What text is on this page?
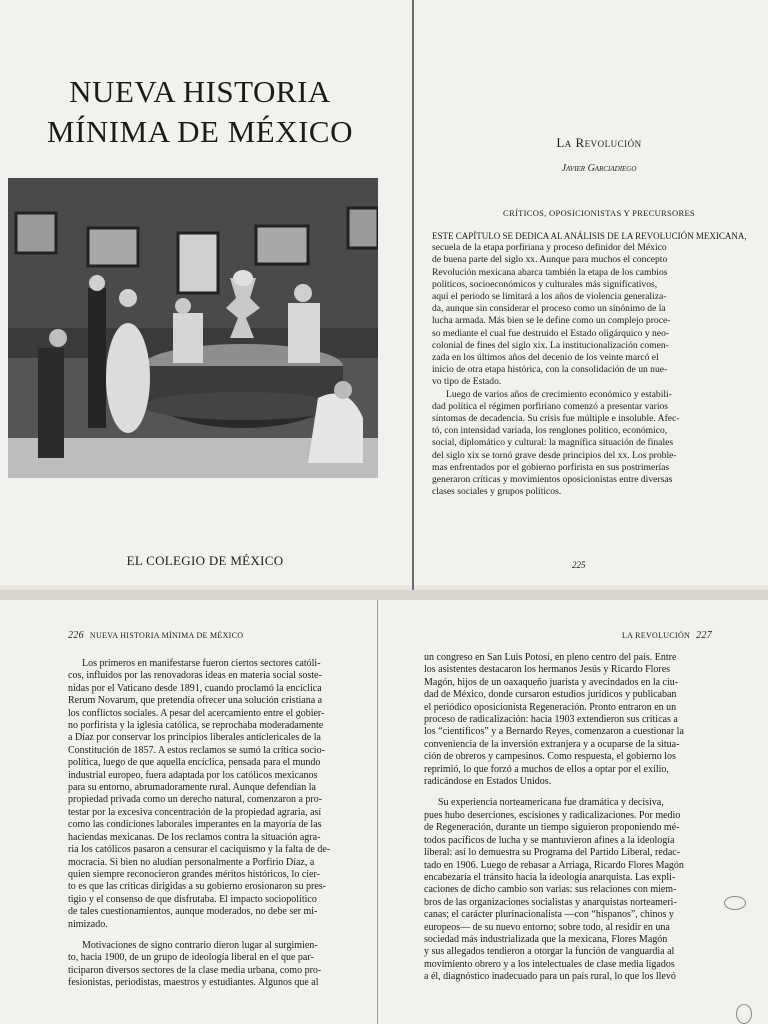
NUEVA HISTORIA
MÍNIMA DE MÉXICO
EL COLEGIO DE MÉXICO
La Revolución
Javier Garciadiego
CRÍTICOS, OPOSICIONISTAS Y PRECURSORES
ESTE CAPÍTULO SE DEDICA AL ANÁLISIS DE LA REVOLUCIÓN MEXICANA,
secuela de la etapa porfiriana y proceso definidor del México
de buena parte del siglo xx. Aunque para muchos el concepto
Revolución mexicana abarca también la etapa de los cambios
políticos, socioeconómicos y culturales más significativos,
aquí el periodo se limitará a los años de violencia generaliza-
da, aunque sin considerar el proceso como un sinónimo de la
lucha armada. Más bien se le define como un complejo proce-
so mediante el cual fue destruido el Estado oligárquico y neo-
colonial de fines del siglo xix. La institucionalización comen-
zada en los últimos años del decenio de los veinte marcó el
inicio de otra etapa histórica, con la consolidación de un nue-
vo tipo de Estado.
Luego de varios años de crecimiento económico y estabili-
dad política el régimen porfiriano comenzó a presentar varios
síntomas de decadencia. Su crisis fue múltiple e insoluble. Afec-
tó, con intensidad variada, los renglones político, económico,
social, diplomático y cultural: la magnífica situación de finales
del siglo xix se tornó grave desde principios del xx. Los proble-
mas enfrentados por el gobierno porfirista en sus postrimerías
generaron críticas y movimientos oposicionistas entre diversas
clases sociales y grupos políticos.
225
226 NUEVA HISTORIA MÍNIMA DE MÉXICO
Los primeros en manifestarse fueron ciertos sectores católi-
cos, influidos por las renovadoras ideas en materia social soste-
nidas por el Vaticano desde 1891, cuando proclamó la encíclica
Rerum Novarum, que pretendía ofrecer una solución cristiana a
los conflictos sociales. A pesar del acercamiento entre el gobier-
no porfirista y la iglesia católica, se reprochaba moderadamente
a Díaz por conservar los principios liberales anticlericales de la
Constitución de 1857. A estos reclamos se sumó la crítica socio-
política, luego de que aquella encíclica, pensada para el mundo
industrial europeo, fuera adaptada por los católicos mexicanos
para su entorno, abrumadoramente rural. Aunque defendían la
propiedad privada como un derecho natural, comenzaron a pro-
testar por la excesiva concentración de la propiedad agraria, así
como las condiciones laborales imperantes en la mayoría de las
haciendas mexicanas. De los reclamos contra la situación agra-
ria los católicos pasaron a censurar el caciquismo y la falta de de-
mocracia. Si bien no aludían personalmente a Porfirio Díaz, a
quien siempre reconocieron grandes méritos históricos, lo cier-
to es que las críticas dirigidas a su gobierno erosionaron su pres-
tigio y el consenso de que disfrutaba. El impacto sociopolítico
de tales cuestionamientos, aunque moderados, no debe ser mi-
nimizado.
Motivaciones de signo contrario dieron lugar al surgimien-
to, hacia 1900, de un grupo de ideología liberal en el que par-
ticiparon diversos sectores de la clase media urbana, como pro-
fesionistas, periodistas, maestros y estudiantes. Algunos que al
LA REVOLUCIÓN 227
un congreso en San Luis Potosí, en pleno centro del país. Entre
los asistentes destacaron los hermanos Jesús y Ricardo Flores
Magón, hijos de un oaxaqueño juarista y avecindados en la ciu-
dad de México, donde cursaron estudios jurídicos y publicaban
el periódico oposicionista Regeneración. Pronto entraron en un
proceso de radicalización: hacia 1903 extendieron sus críticas a
los “científicos” y a Bernardo Reyes, comenzaron a cuestionar la
conveniencia de la inversión extranjera y a ocuparse de la situa-
ción de obreros y campesinos. Como respuesta, el gobierno los
reprimió, lo que forzó a muchos de ellos a optar por el exilio,
radicándose en Estados Unidos.
Su experiencia norteamericana fue dramática y decisiva,
pues hubo deserciones, escisiones y radicalizaciones. Por medio
de Regeneración, durante un tiempo siguieron proponiendo mé-
todos pacíficos de lucha y se mantuvieron afines a la ideología
liberal: así lo demuestra su Programa del Partido Liberal, redac-
tado en 1906. Luego de rebasar a Arriaga, Ricardo Flores Magón
encabezaría el tránsito hacia la ideología anarquista. Las expli-
caciones de dicho cambio son varias: sus relaciones con miem-
bros de las organizaciones socialistas y anarquistas norteameri-
canas; el carácter plurinacionalista —con “hispanos”, chinos y
europeos— de su nuevo entorno; sobre todo, al residir en una
sociedad más industrializada que la mexicana, Flores Magón
y sus allegados tendieron a otorgar la función de vanguardia al
movimiento obrero y a los intelectuales de clase media ligados
a él, diagnóstico inadecuado para un país rural, lo que los llevó
